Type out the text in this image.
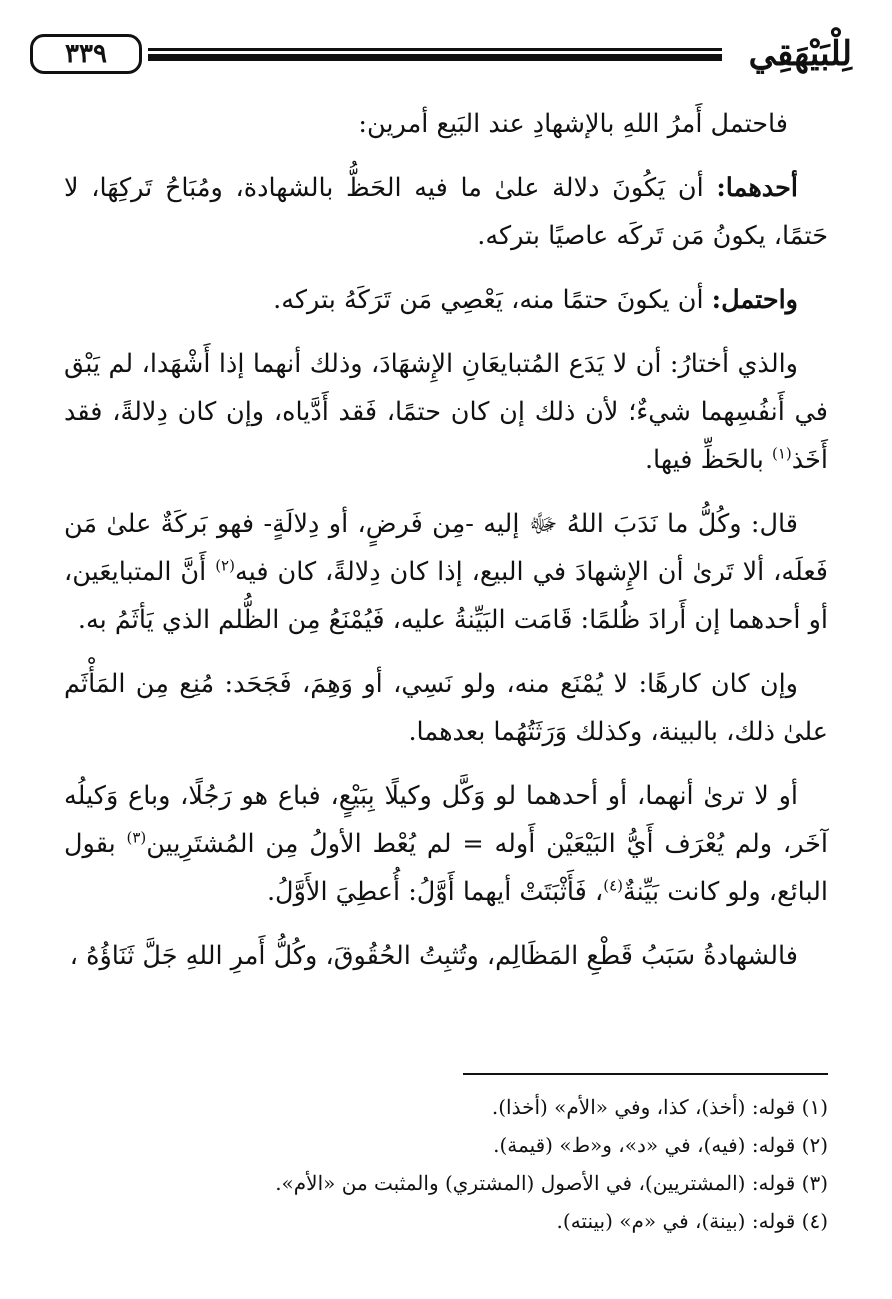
لِلْبَيْهَقِي
٣٣٩

فاحتمل أَمرُ اللهِ بالإشهادِ عند البَيع أمرين:

أحدهما: أن يَكُونَ دلالة علىٰ ما فيه الحَظُّ بالشهادة، ومُبَاحُ تَركِهَا، لا حَتمًا، يكونُ مَن تَركَه عاصيًا بتركه.

واحتمل: أن يكونَ حتمًا منه، يَعْصِي مَن تَرَكَهُ بتركه.

والذي أختارُ: أن لا يَدَع المُتبايعَانِ الإِشهَادَ، وذلك أنهما إذا أَشْهَدا، لم يَبْق في أَنفُسِهما شيءٌ؛ لأن ذلك إن كان حتمًا، فَقد أَدَّياه، وإن كان دِلالةً، فقد أَخَذ$^{(١)}$ بالحَظِّ فيها.

قال: وكُلُّ ما نَدَبَ اللهُ ﷻ إليه -مِن فَرضٍ، أو دِلالَةٍ- فهو بَركَةٌ علىٰ مَن فَعلَه، ألا تَرىٰ أن الإِشهادَ في البيع، إذا كان دِلالةً، كان فيه$^{(٢)}$ أَنَّ المتبايعَين، أو أحدهما إن أَرادَ ظُلمًا: قَامَت البَيِّنةُ عليه، فَيُمْنَعُ مِن الظُّلم الذي يَأثَمُ به.

وإن كان كارهًا: لا يُمْنَع منه، ولو نَسِي، أو وَهِمَ، فَجَحَد: مُنِع مِن المَأْثَم علىٰ ذلك، بالبينة، وكذلك وَرَثَتُهُما بعدهما.

أو لا ترىٰ أنهما، أو أحدهما لو وَكَّل وكيلًا بِبَيْعٍ، فباع هو رَجُلًا، وباع وَكيلُه آخَر، ولم يُعْرَف أَيُّ البَيْعَيْن أَوله = لم يُعْط الأولُ مِن المُشتَرِيين$^{(٣)}$ بقول البائع، ولو كانت بَيِّنةٌ$^{(٤)}$، فَأَثْبَتَتْ أيهما أَوَّلُ: أُعطِيَ الأَوَّلُ.

فالشهادةُ سَبَبُ قَطْعِ المَظَالِم، وتُثبِتُ الحُقُوقَ، وكُلُّ أَمرِ اللهِ جَلَّ ثَنَاؤُهُ ،

(١) قوله: (أخذ)، كذا، وفي «الأم» (أخذا).
(٢) قوله: (فيه)، في «د»، و«ط» (قيمة).
(٣) قوله: (المشتريين)، في الأصول (المشتري) والمثبت من «الأم».
(٤) قوله: (بينة)، في «م» (بينته).
